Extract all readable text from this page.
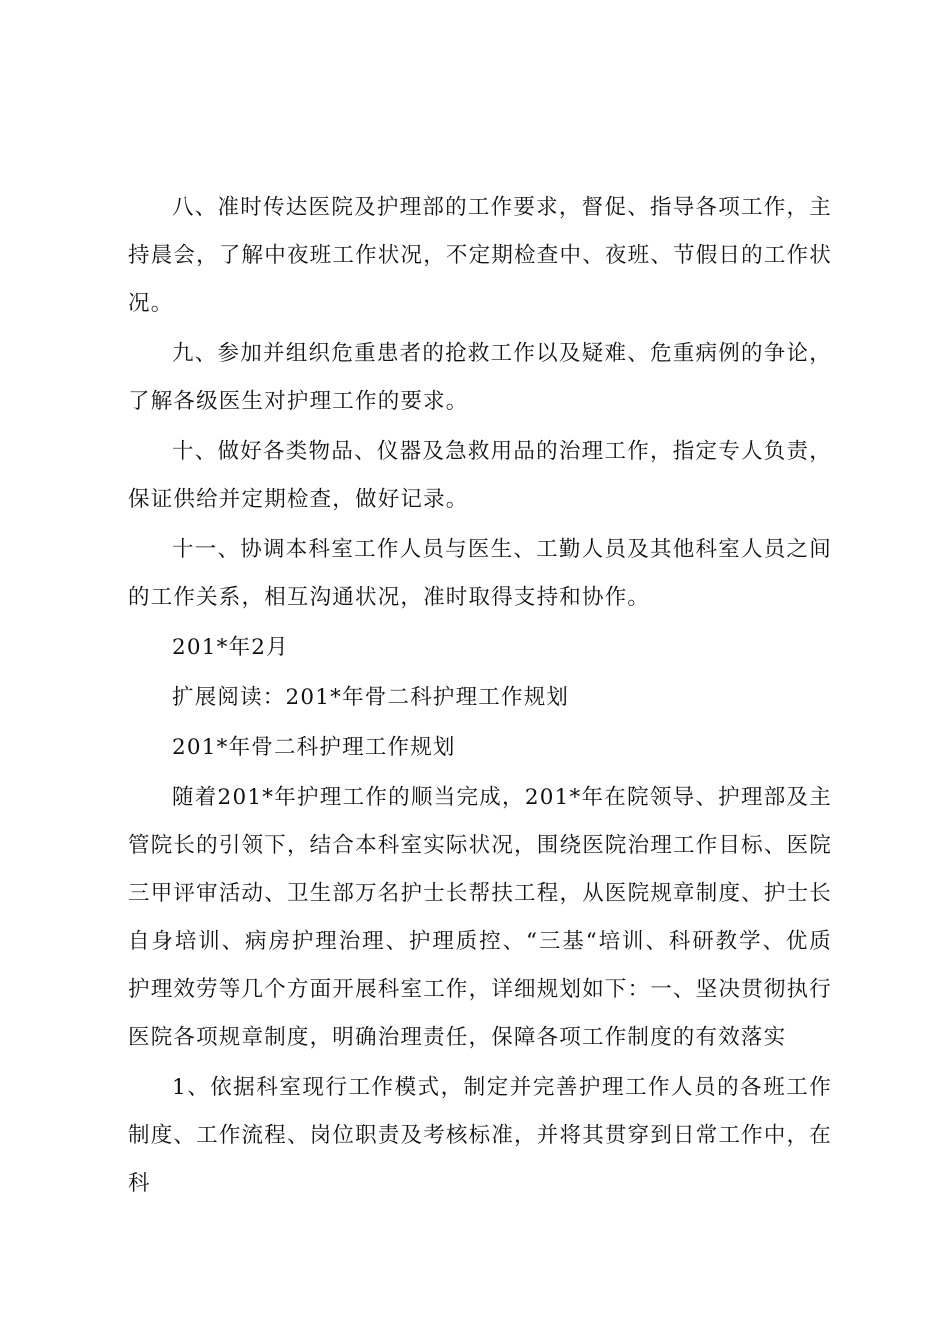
八、准时传达医院及护理部的工作要求，督促、指导各项工作，主持晨会，了解中夜班工作状况，不定期检查中、夜班、节假日的工作状况。

九、参加并组织危重患者的抢救工作以及疑难、危重病例的争论，了解各级医生对护理工作的要求。

十、做好各类物品、仪器及急救用品的治理工作，指定专人负责，保证供给并定期检查，做好记录。

十一、协调本科室工作人员与医生、工勤人员及其他科室人员之间的工作关系，相互沟通状况，准时取得支持和协作。

201*年2月

扩展阅读：201*年骨二科护理工作规划

201*年骨二科护理工作规划

随着201*年护理工作的顺当完成，201*年在院领导、护理部及主管院长的引领下，结合本科室实际状况，围绕医院治理工作目标、医院三甲评审活动、卫生部万名护士长帮扶工程，从医院规章制度、护士长自身培训、病房护理治理、护理质控、“三基“培训、科研教学、优质护理效劳等几个方面开展科室工作，详细规划如下：一、坚决贯彻执行医院各项规章制度，明确治理责任，保障各项工作制度的有效落实

1、依据科室现行工作模式，制定并完善护理工作人员的各班工作制度、工作流程、岗位职责及考核标准，并将其贯穿到日常工作中，在科
